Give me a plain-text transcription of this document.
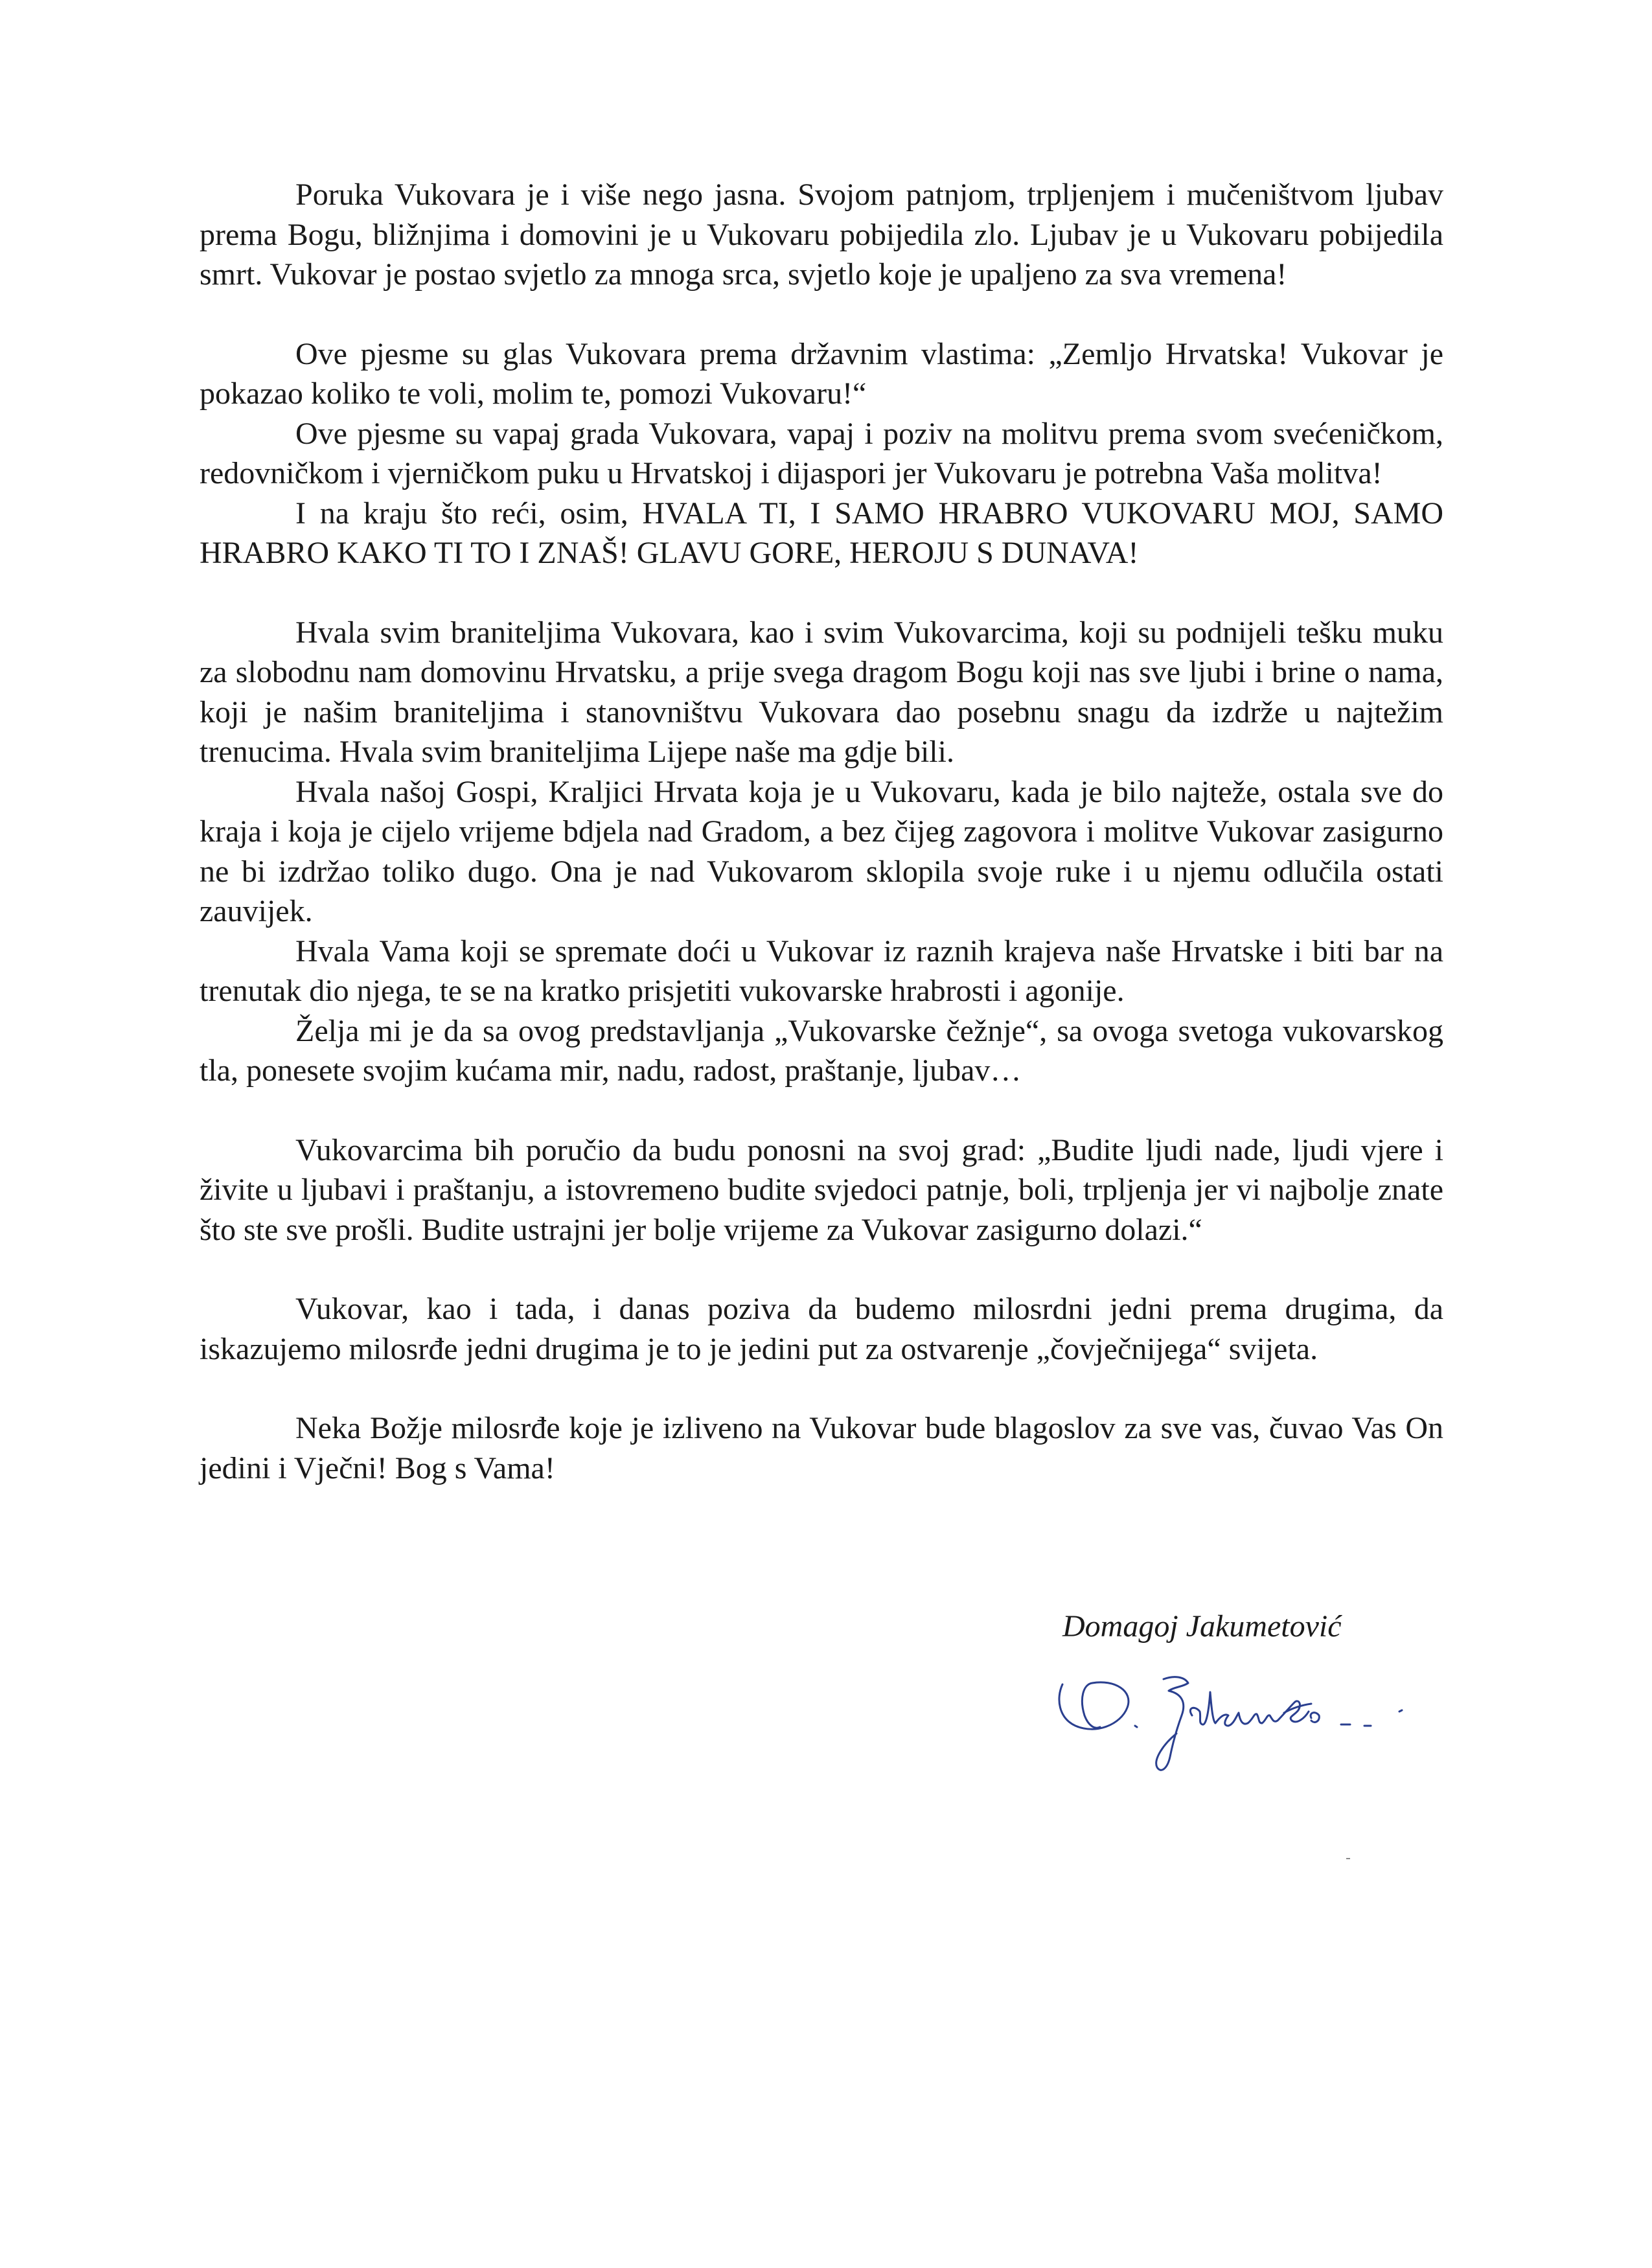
Poruka Vukovara je i više nego jasna. Svojom patnjom, trpljenjem i mučeništvom ljubav prema Bogu, bližnjima i domovini je u Vukovaru pobijedila zlo. Ljubav je u Vukovaru pobijedila smrt. Vukovar je postao svjetlo za mnoga srca, svjetlo koje je upaljeno za sva vremena!

Ove pjesme su glas Vukovara prema državnim vlastima: „Zemljo Hrvatska! Vukovar je pokazao koliko te voli, molim te, pomozi Vukovaru!“

Ove pjesme su vapaj grada Vukovara, vapaj i poziv na molitvu prema svom svećeničkom, redovničkom i vjerničkom puku u Hrvatskoj i dijaspori jer Vukovaru je potrebna Vaša molitva!

I na kraju što reći, osim, HVALA TI, I SAMO HRABRO VUKOVARU MOJ, SAMO HRABRO KAKO TI TO I ZNAŠ! GLAVU GORE, HEROJU S DUNAVA!

Hvala svim braniteljima Vukovara, kao i svim Vukovarcima, koji su podnijeli tešku muku za slobodnu nam domovinu Hrvatsku, a prije svega dragom Bogu koji nas sve ljubi i brine o nama, koji je našim braniteljima i stanovništvu Vukovara dao posebnu snagu da izdrže u najtežim trenucima. Hvala svim braniteljima Lijepe naše ma gdje bili.

Hvala našoj Gospi, Kraljici Hrvata koja je u Vukovaru, kada je bilo najteže, ostala sve do kraja i koja je cijelo vrijeme bdjela nad Gradom, a bez čijeg zagovora i molitve Vukovar zasigurno ne bi izdržao toliko dugo. Ona je nad Vukovarom sklopila svoje ruke i u njemu odlučila ostati zauvijek.

Hvala Vama koji se spremate doći u Vukovar iz raznih krajeva naše Hrvatske i biti bar na trenutak dio njega, te se na kratko prisjetiti vukovarske hrabrosti i agonije.

Želja mi je da sa ovog predstavljanja „Vukovarske čežnje“, sa ovoga svetoga vukovarskog tla, ponesete svojim kućama mir, nadu, radost, praštanje, ljubav…

Vukovarcima bih poručio da budu ponosni na svoj grad: „Budite ljudi nade, ljudi vjere i živite u ljubavi i praštanju, a istovremeno budite svjedoci patnje, boli, trpljenja jer vi najbolje znate što ste sve prošli. Budite ustrajni jer bolje vrijeme za Vukovar zasigurno dolazi.“

Vukovar, kao i tada, i danas poziva da budemo milosrdni jedni prema drugima, da iskazujemo milosrđe jedni drugima je to je jedini put za ostvarenje „čovječnijega“ svijeta.

Neka Božje milosrđe koje je izliveno na Vukovar bude blagoslov za sve vas, čuvao Vas On jedini i Vječni! Bog s Vama!

Domagoj Jakumetović
